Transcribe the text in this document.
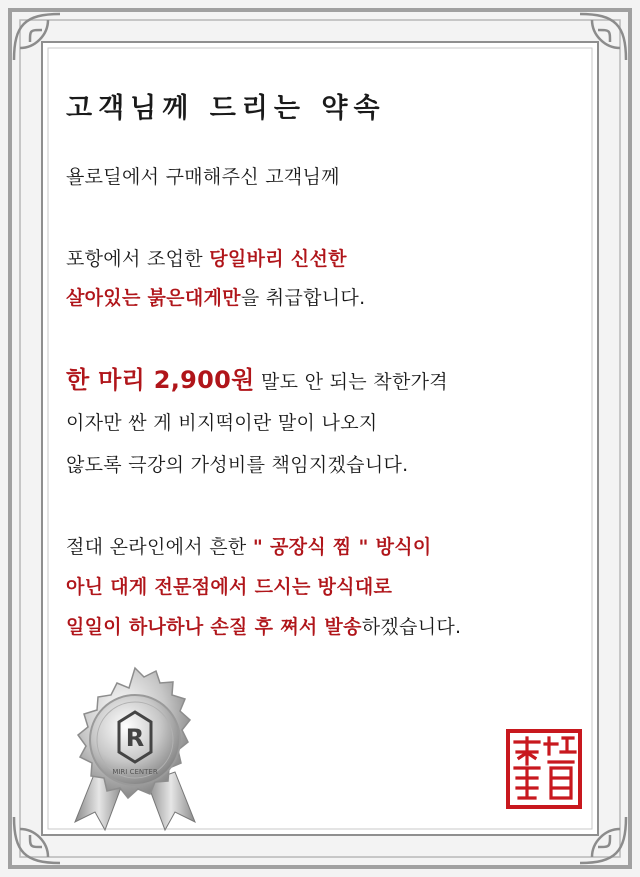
고객님께 드리는 약속
욜로딜에서 구매해주신 고객님께
포항에서 조업한 당일바리 신선한
살아있는 붉은대게만을 취급합니다.
한 마리 2,900원 말도 안 되는 착한가격
이자만 싼 게 비지떡이란 말이 나오지
않도록 극강의 가성비를 책임지겠습니다.
절대 온라인에서 흔한 " 공장식 찜 " 방식이
아닌 대게 전문점에서 드시는 방식대로
일일이 하나하나 손질 후 쪄서 발송하겠습니다.
R
MIRI CENTER
